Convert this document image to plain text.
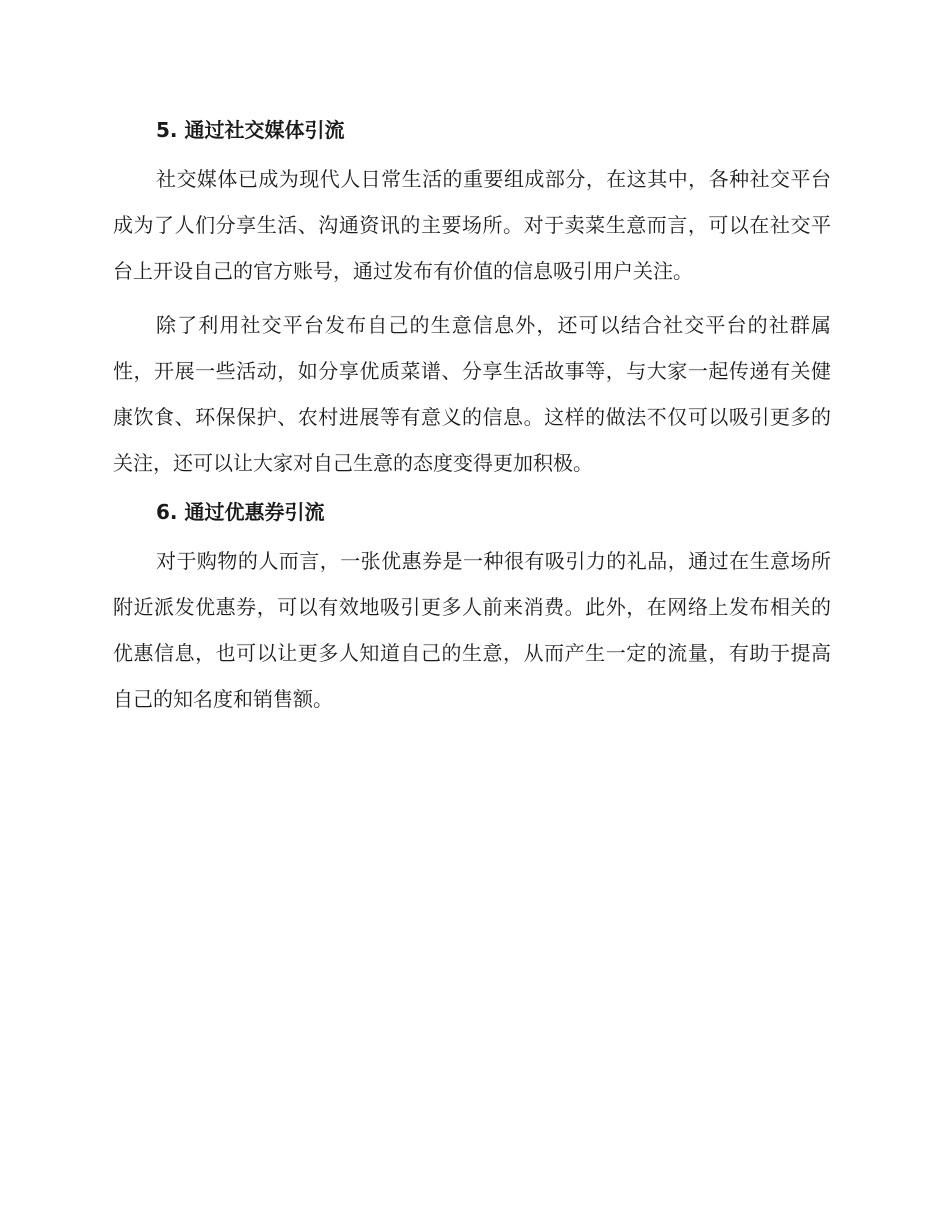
5. 通过社交媒体引流
社交媒体已成为现代人日常生活的重要组成部分，在这其中，各种社交平台成为了人们分享生活、沟通资讯的主要场所。对于卖菜生意而言，可以在社交平台上开设自己的官方账号，通过发布有价值的信息吸引用户关注。
除了利用社交平台发布自己的生意信息外，还可以结合社交平台的社群属性，开展一些活动，如分享优质菜谱、分享生活故事等，与大家一起传递有关健康饮食、环保保护、农村进展等有意义的信息。这样的做法不仅可以吸引更多的关注，还可以让大家对自己生意的态度变得更加积极。
6. 通过优惠券引流
对于购物的人而言，一张优惠券是一种很有吸引力的礼品，通过在生意场所附近派发优惠券，可以有效地吸引更多人前来消费。此外，在网络上发布相关的优惠信息，也可以让更多人知道自己的生意，从而产生一定的流量，有助于提高自己的知名度和销售额。
